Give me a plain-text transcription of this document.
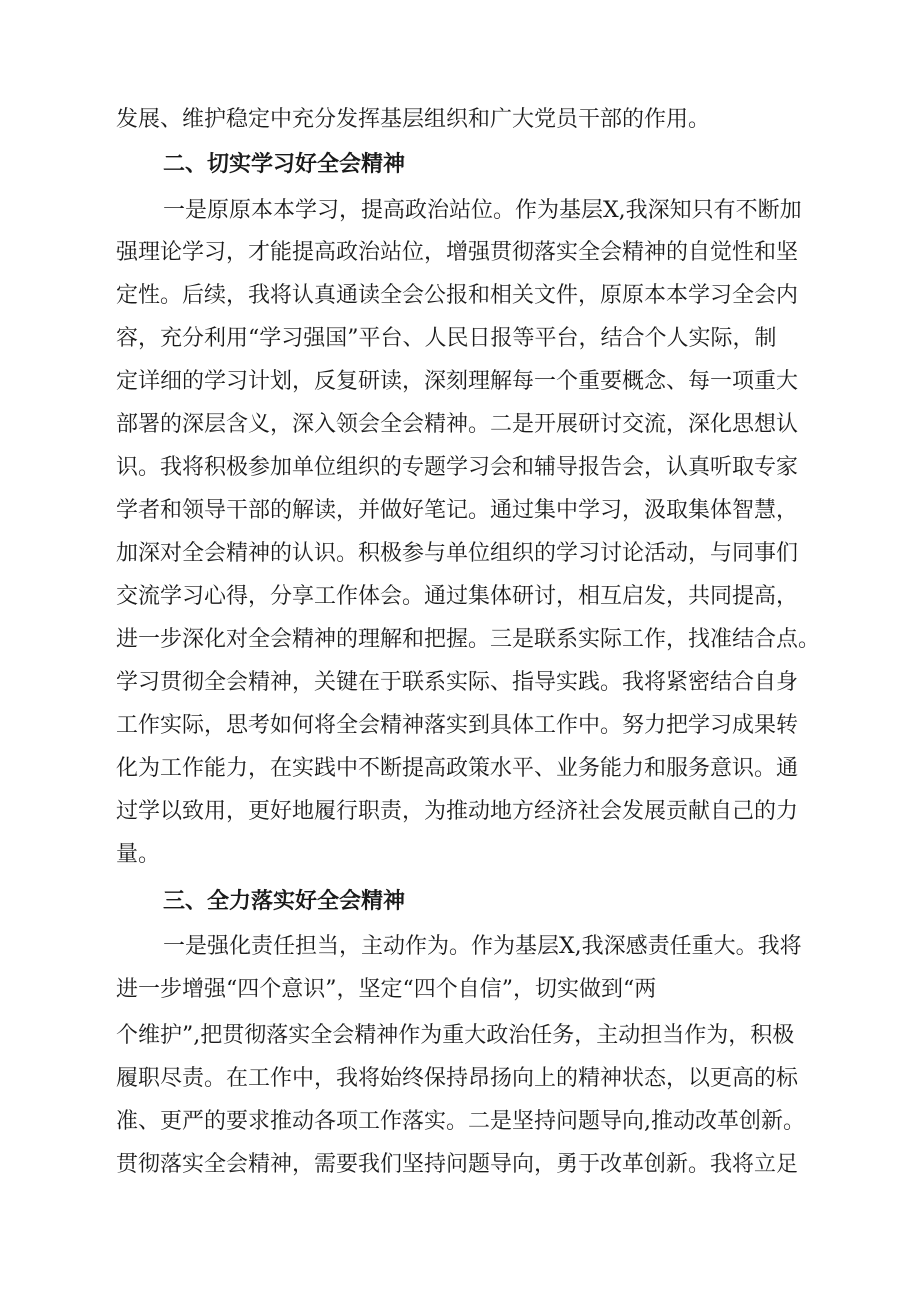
发展、维护稳定中充分发挥基层组织和广大党员干部的作用。
二、切实学习好全会精神
一是原原本本学习，提高政治站位。作为基层X,我深知只有不断加
强理论学习，才能提高政治站位，增强贯彻落实全会精神的自觉性和坚
定性。后续，我将认真通读全会公报和相关文件，原原本本学习全会内
容，充分利用“学习强国”平台、人民日报等平台，结合个人实际，制
定详细的学习计划，反复研读，深刻理解每一个重要概念、每一项重大
部署的深层含义，深入领会全会精神。二是开展研讨交流，深化思想认
识。我将积极参加单位组织的专题学习会和辅导报告会，认真听取专家
学者和领导干部的解读，并做好笔记。通过集中学习，汲取集体智慧，
加深对全会精神的认识。积极参与单位组织的学习讨论活动，与同事们
交流学习心得，分享工作体会。通过集体研讨，相互启发，共同提高，
进一步深化对全会精神的理解和把握。三是联系实际工作，找准结合点。
学习贯彻全会精神，关键在于联系实际、指导实践。我将紧密结合自身
工作实际，思考如何将全会精神落实到具体工作中。努力把学习成果转
化为工作能力，在实践中不断提高政策水平、业务能力和服务意识。通
过学以致用，更好地履行职责，为推动地方经济社会发展贡献自己的力
量。
三、全力落实好全会精神
一是强化责任担当，主动作为。作为基层X,我深感责任重大。我将
进一步增强“四个意识”，坚定“四个自信”，切实做到“两
个维护”,把贯彻落实全会精神作为重大政治任务，主动担当作为，积极
履职尽责。在工作中，我将始终保持昂扬向上的精神状态，以更高的标
准、更严的要求推动各项工作落实。二是坚持问题导向,推动改革创新。
贯彻落实全会精神，需要我们坚持问题导向，勇于改革创新。我将立足
